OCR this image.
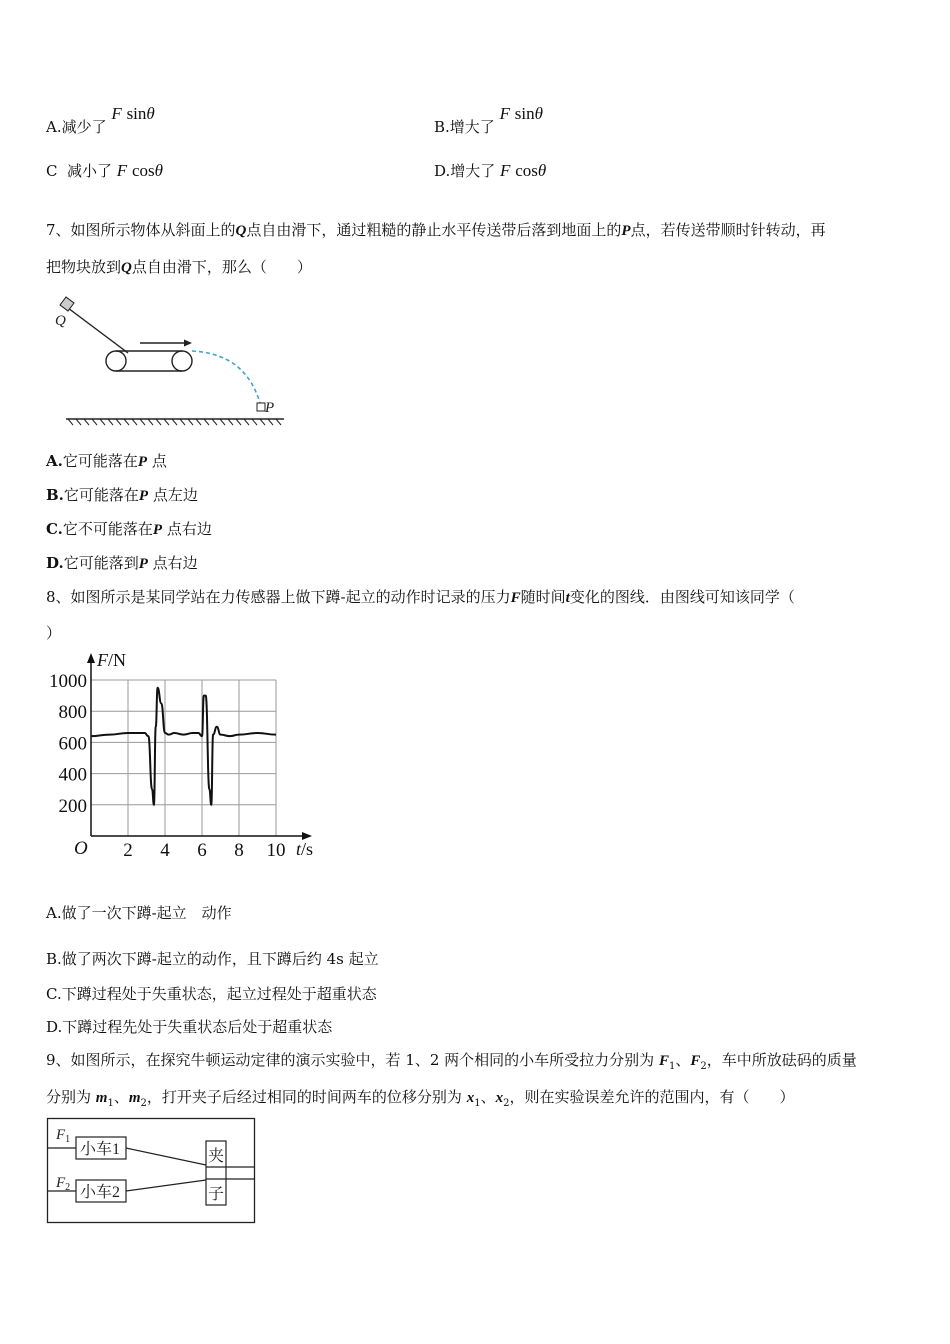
A.减少了 F sinθ
B.增大了 F sinθ
C  减小了 F cosθ	D.增大了 F cosθ
7、如图所示物体从斜面上的Q点自由滑下，通过粗糙的静止水平传送带后落到地面上的P点，若传送带顺时针转动，再
把物块放到Q点自由滑下，那么（　　）
Q
P
A.它可能落在P 点
B.它可能落在P 点左边
C.它不可能落在P 点右边
D.它可能落到P 点右边
8、如图所示是某同学站在力传感器上做下蹲-起立的动作时记录的压力F随时间t变化的图线．由图线可知该同学（
）
2 4 6 8 10
200
400
600
800
1000
F/N
t/s
O
A.做了一次下蹲-起立　动作
B.做了两次下蹲-起立的动作，且下蹲后约 4s 起立
C.下蹲过程处于失重状态，起立过程处于超重状态
D.下蹲过程先处于失重状态后处于超重状态
9、如图所示，在探究牛顿运动定律的演示实验中，若 1、2 两个相同的小车所受拉力分别为 $F_1$、$F_2$，车中所放砝码的质量
分别为 $m_1$、$m_2$，打开夹子后经过相同的时间两车的位移分别为 $x_1$、$x_2$，则在实验误差允许的范围内，有（　　）
$F_1$
小车1
$F_2$ 小车2
夹
子
